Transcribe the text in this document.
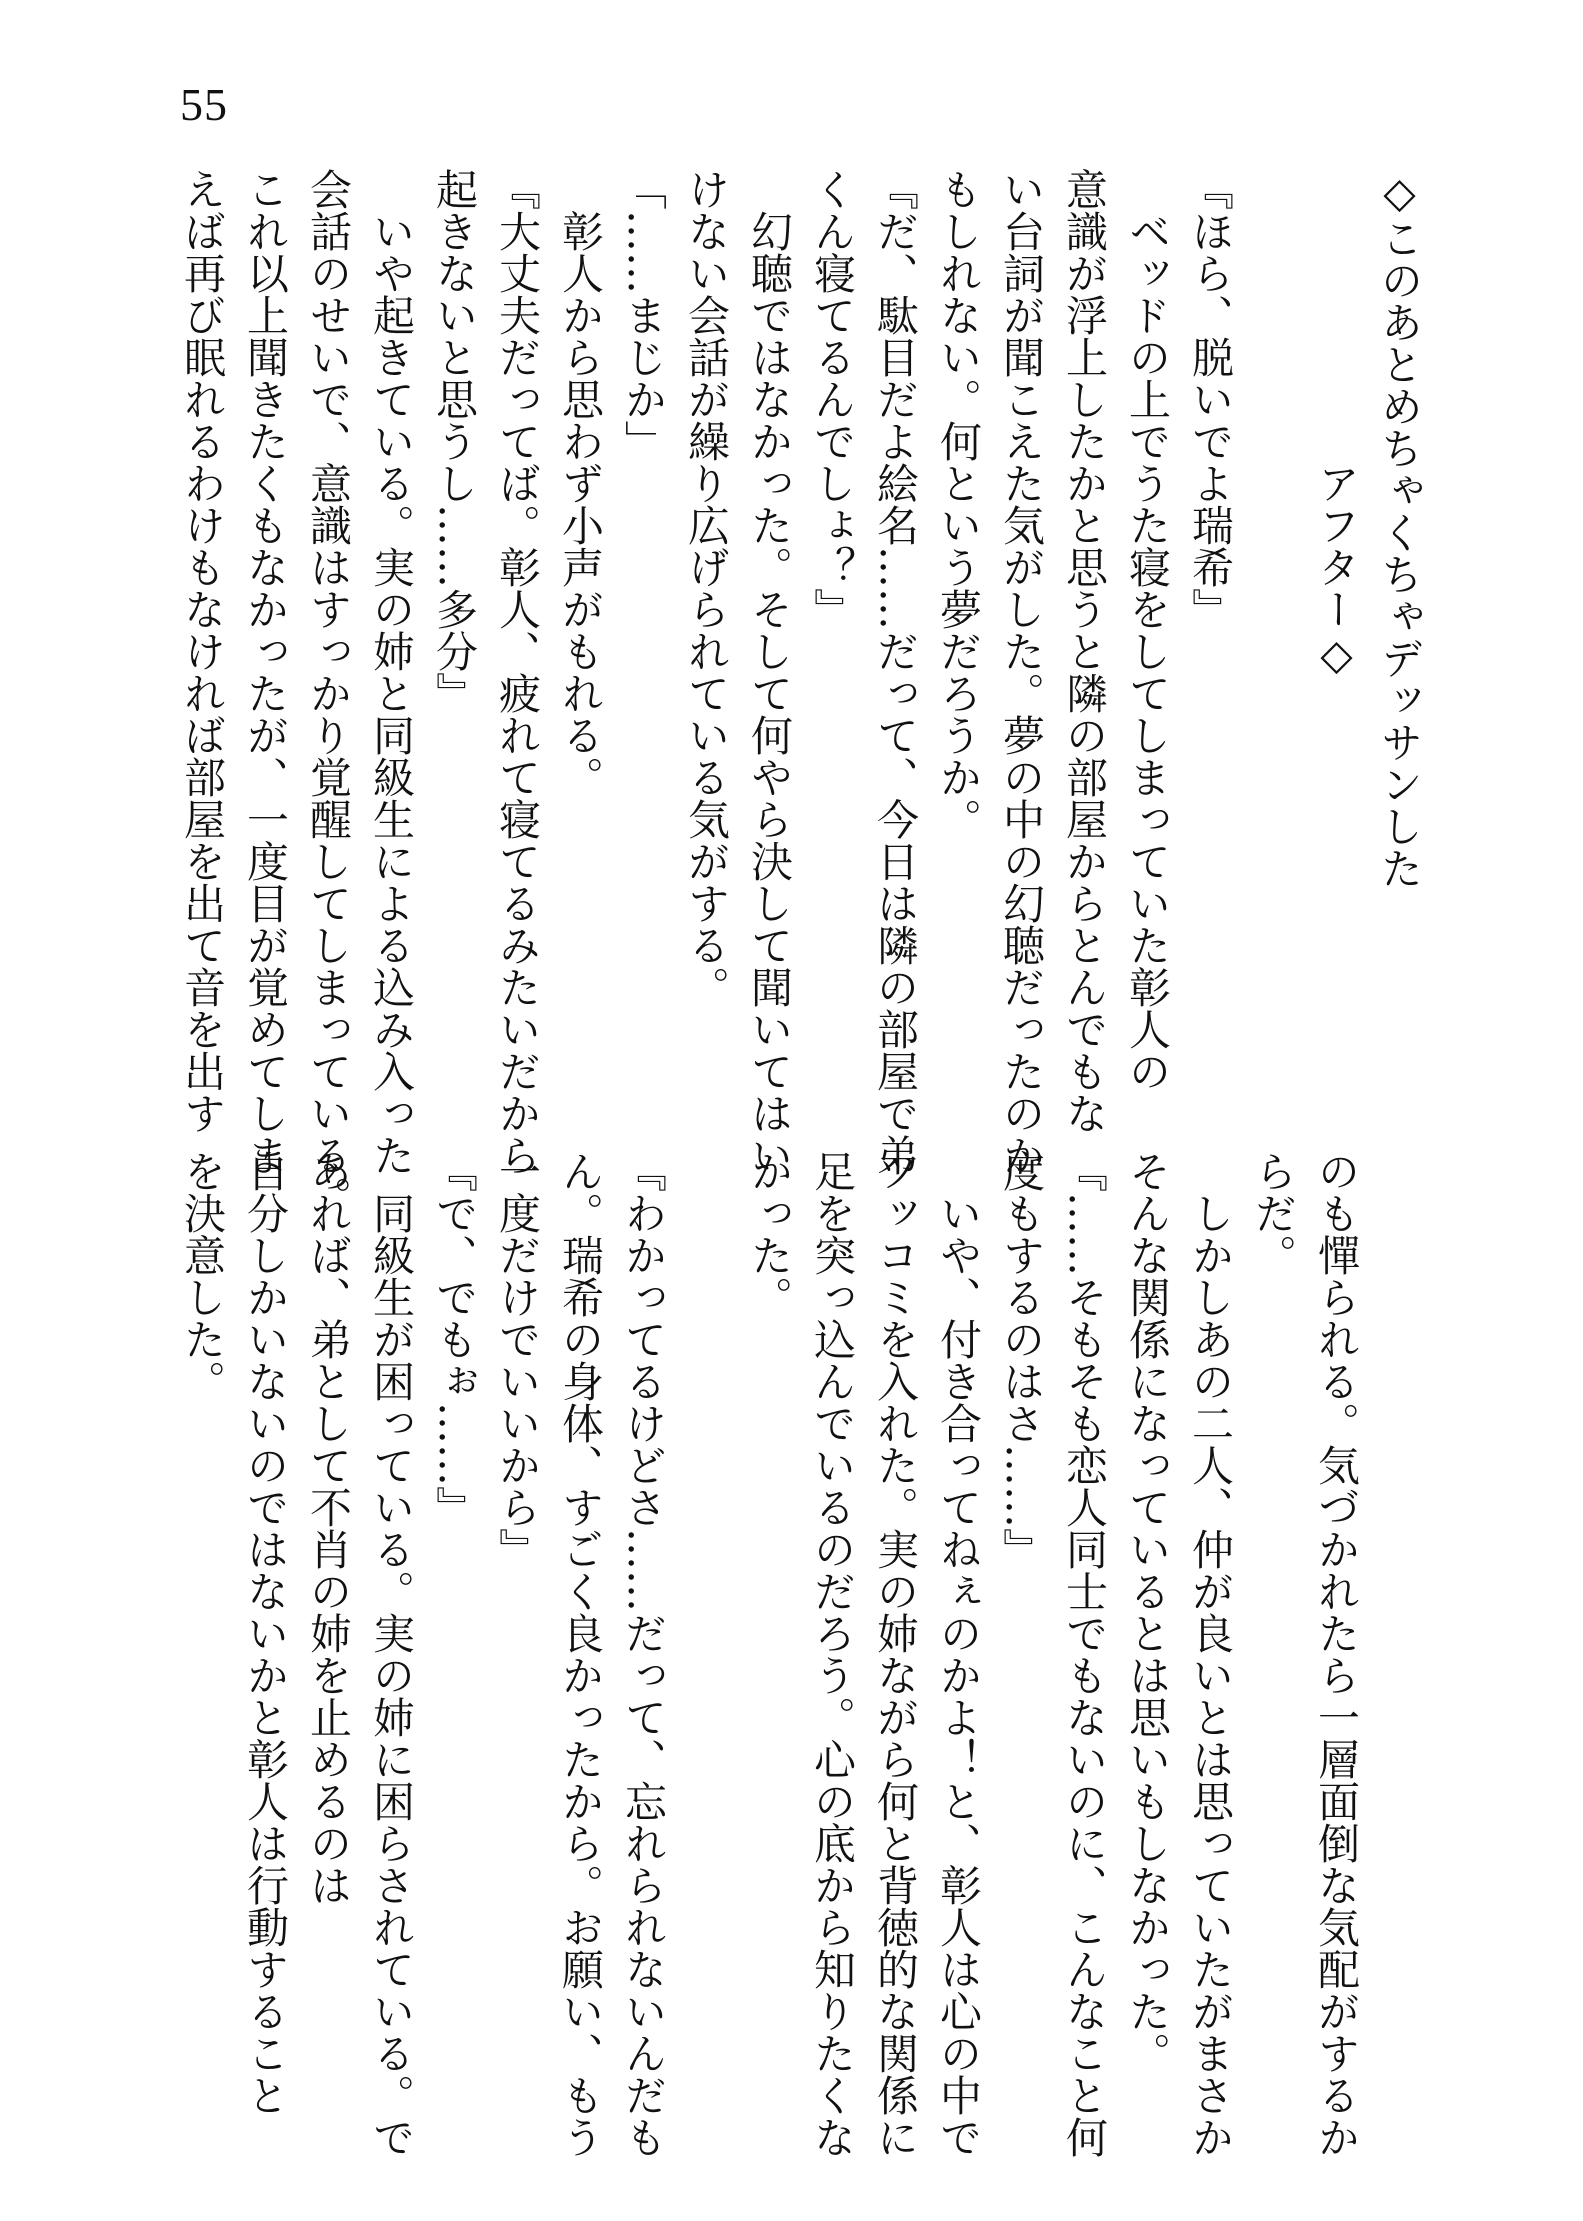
55
◇このあとめちゃくちゃデッサンした
　　　　　　　アフター◇
『ほら、脱いでよ瑞希』
　ベッドの上でうた寝をしてしまっていた彰人の
意識が浮上したかと思うと隣の部屋からとんでもな
い台詞が聞こえた気がした。夢の中の幻聴だったのか
もしれない。何という夢だろうか。
『だ、駄目だよ絵名……だって、今日は隣の部屋で弟
くん寝てるんでしょ？』
　幻聴ではなかった。そして何やら決して聞いてはい
けない会話が繰り広げられている気がする。
「……まじか」
　彰人から思わず小声がもれる。
『大丈夫だってば。彰人、疲れて寝てるみたいだから
起きないと思うし……多分』
　いや起きている。実の姉と同級生による込み入った
会話のせいで、意識はすっかり覚醒してしまっている。
これ以上聞きたくもなかったが、一度目が覚めてしま
えば再び眠れるわけもなければ部屋を出て音を出す
のも憚られる。気づかれたら一層面倒な気配がするか
らだ。
　しかしあの二人、仲が良いとは思っていたがまさか
そんな関係になっているとは思いもしなかった。
『……そもそも恋人同士でもないのに、こんなこと何
度もするのはさ……』
　いや、付き合ってねぇのかよ！と、彰人は心の中で
ツッコミを入れた。実の姉ながら何と背徳的な関係に
足を突っ込んでいるのだろう。心の底から知りたくな
かった。
『わかってるけどさ……だって、忘れられないんだも
ん。瑞希の身体、すごく良かったから。お願い、もう
一度だけでいいから』
『で、でもぉ……』
　同級生が困っている。実の姉に困らされている。で
あれば、弟として不肖の姉を止めるのは
自分しかいないのではないかと彰人は行動すること
を決意した。
